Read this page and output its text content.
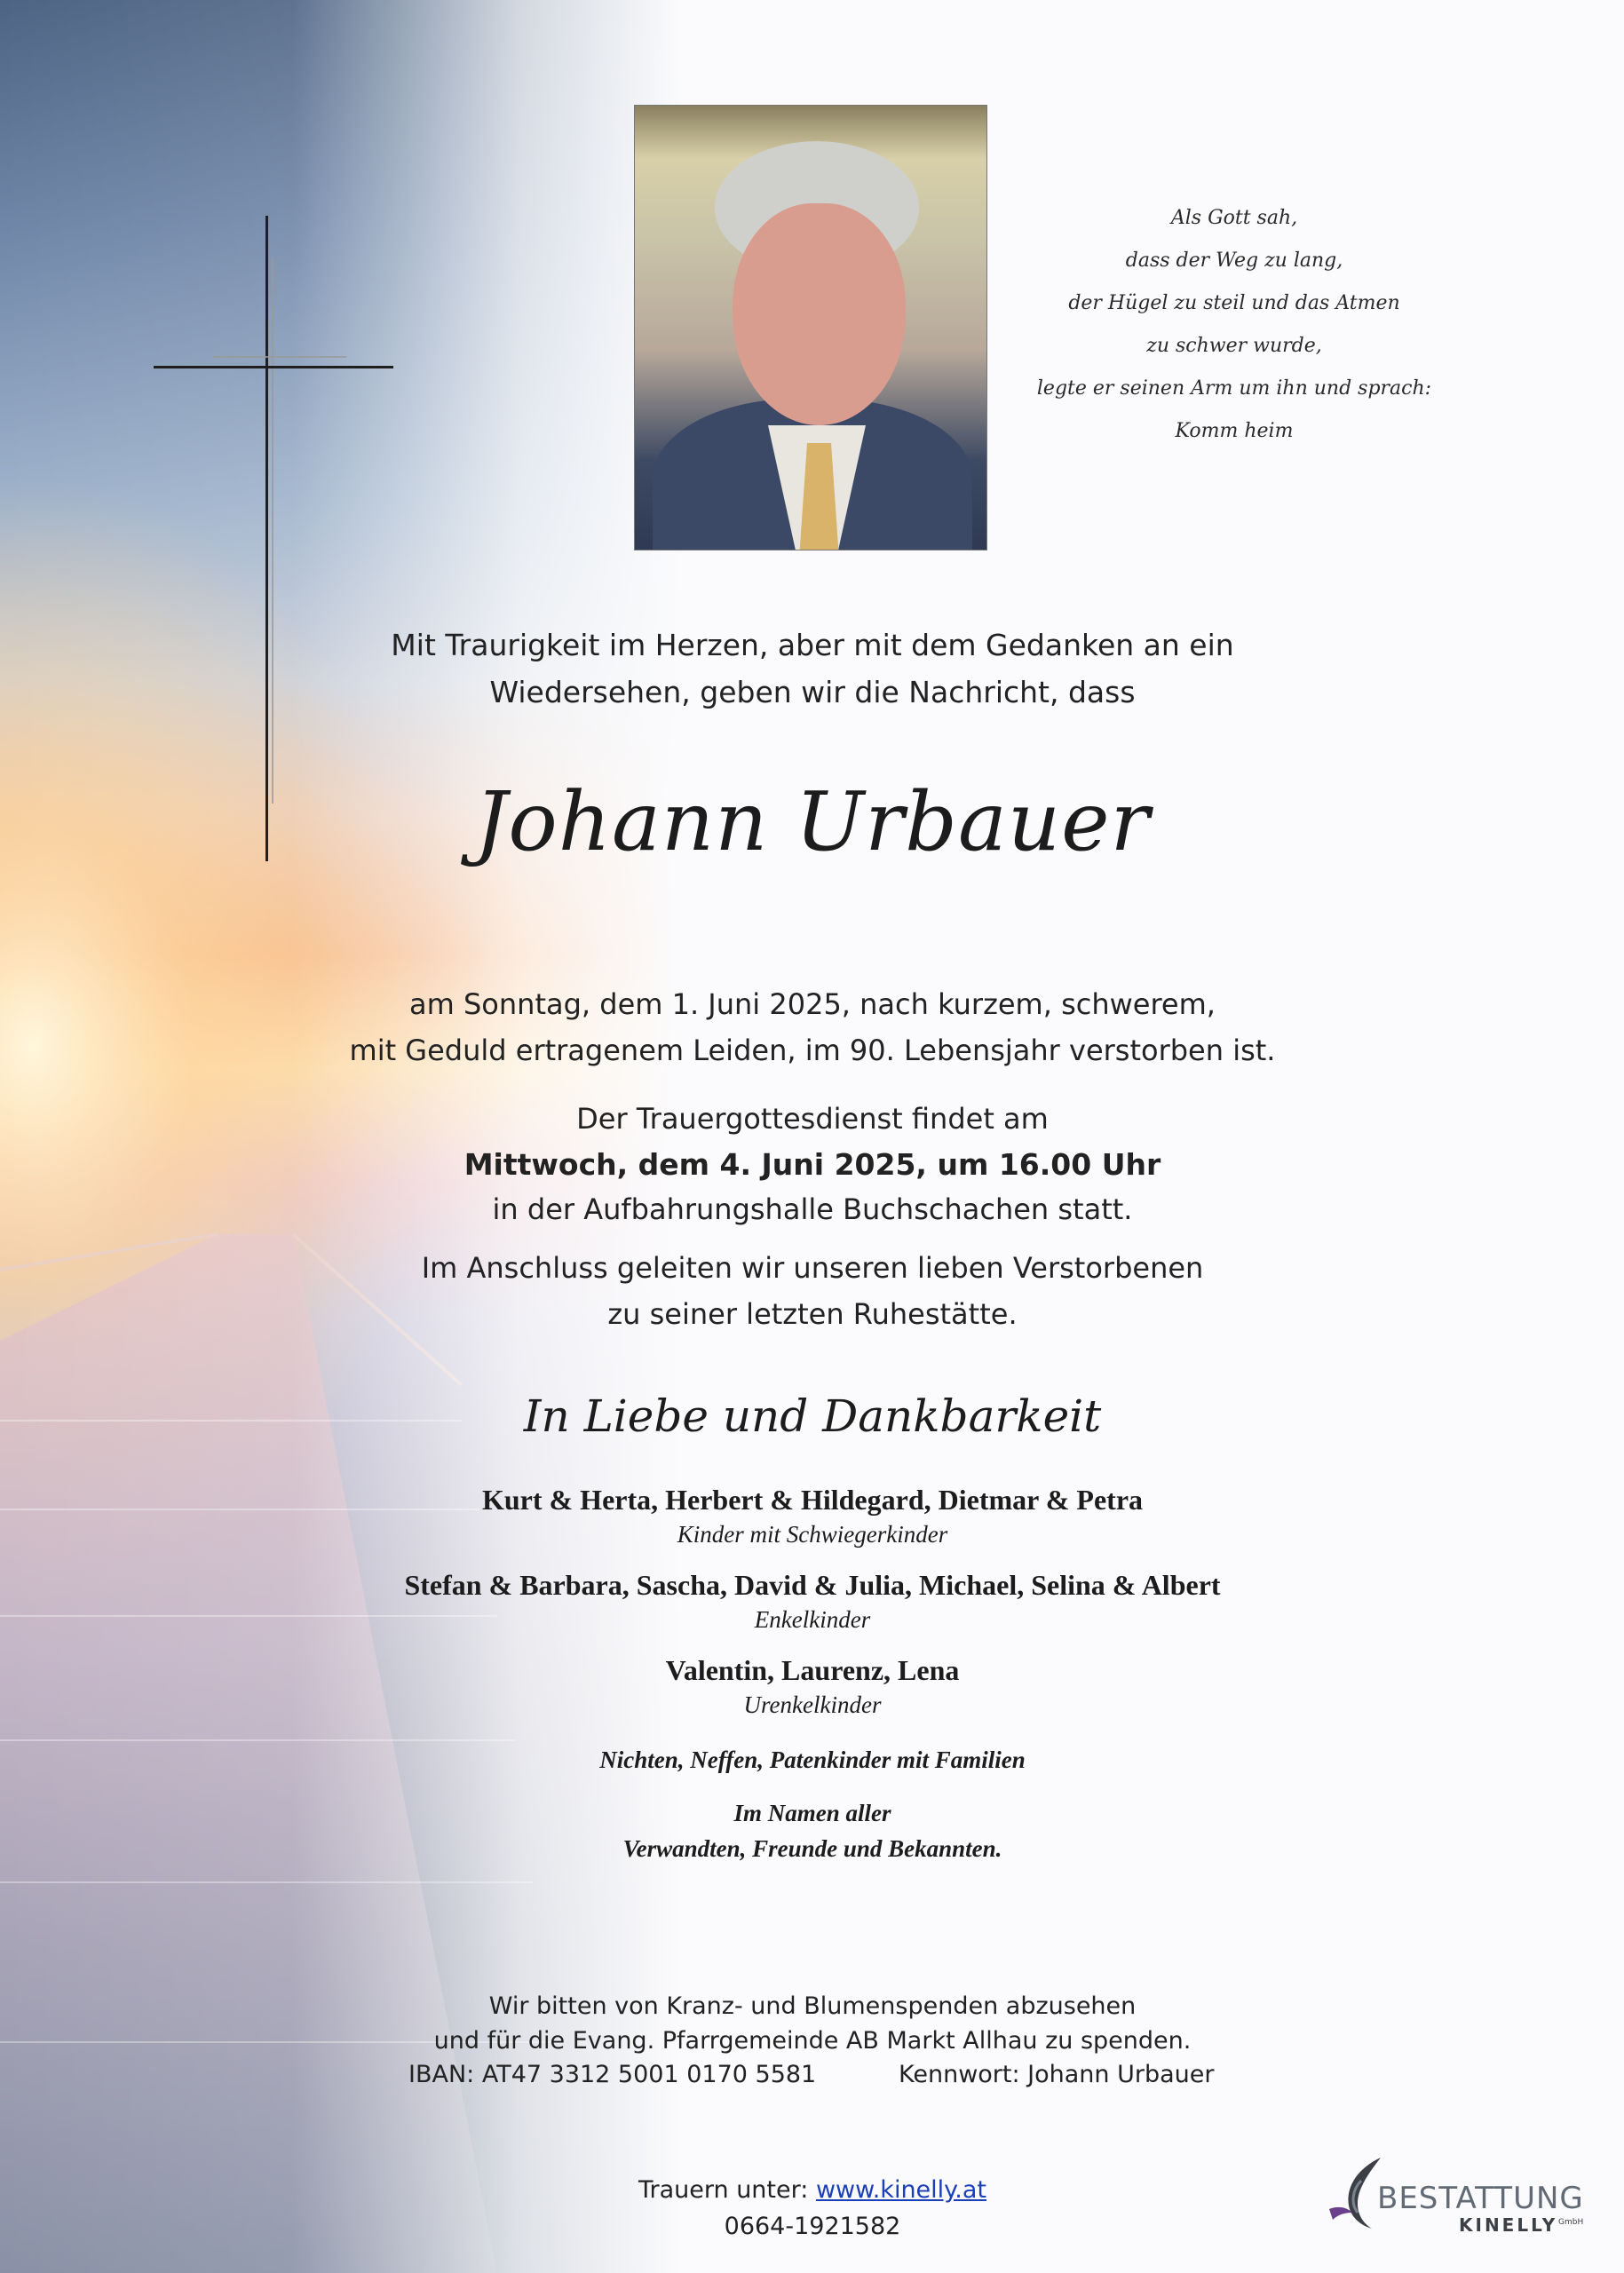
Als Gott sah,
dass der Weg zu lang,
der Hügel zu steil und das Atmen
zu schwer wurde,
legte er seinen Arm um ihn und sprach:
Komm heim
Mit Traurigkeit im Herzen, aber mit dem Gedanken an ein
Wiedersehen, geben wir die Nachricht, dass
Johann Urbauer
am Sonntag, dem 1. Juni 2025, nach kurzem, schwerem,
mit Geduld ertragenem Leiden, im 90. Lebensjahr verstorben ist.
Der Trauergottesdienst findet am
Mittwoch, dem 4. Juni 2025, um 16.00 Uhr
in der Aufbahrungshalle Buchschachen statt.
Im Anschluss geleiten wir unseren lieben Verstorbenen
zu seiner letzten Ruhestätte.
In Liebe und Dankbarkeit
Kurt & Herta, Herbert & Hildegard, Dietmar & Petra
Kinder mit Schwiegerkinder
Stefan & Barbara, Sascha, David & Julia, Michael, Selina & Albert
Enkelkinder
Valentin, Laurenz, Lena
Urenkelkinder
Nichten, Neffen, Patenkinder mit Familien
Im Namen aller
Verwandten, Freunde und Bekannten.
Wir bitten von Kranz- und Blumenspenden abzusehen
und für die Evang. Pfarrgemeinde AB Markt Allhau zu spenden.
IBAN: AT47 3312 5001 0170 5581	Kennwort: Johann Urbauer
Trauern unter: www.kinelly.at
0664-1921582
BESTATTUNG
KINELLY GmbH
